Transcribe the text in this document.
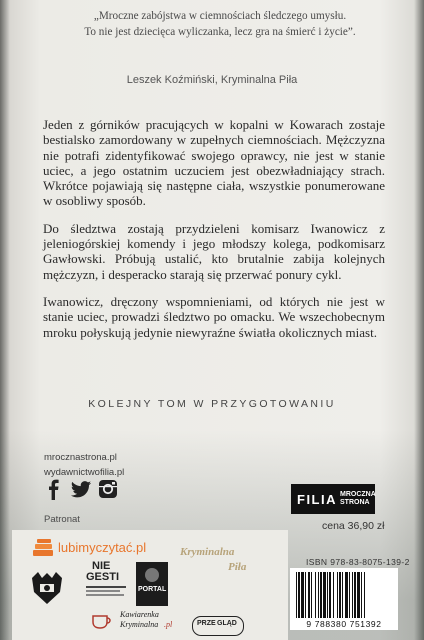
„Mroczne zabójstwa w ciemnościach śledczego umysłu.
To nie jest dziecięca wyliczanka, lecz gra na śmierć i życie”.
Leszek Koźmiński, Kryminalna Piła

Jeden z górników pracujących w kopalni w Kowarach zostaje bestialsko zamordowany w zupełnych ciemnościach. Mężczyzna nie potrafi zidentyfikować swojego oprawcy, nie jest w stanie uciec, a jego ostatnim uczuciem jest obezwładniający strach. Wkrótce pojawiają się następne ciała, wszystkie ponumerowane w osobliwy sposób.

Do śledztwa zostają przydzieleni komisarz Iwanowicz z jeleniogórskiej komendy i jego młodszy kolega, podkomisarz Gawłowski. Próbują ustalić, kto brutalnie zabija kolejnych mężczyzn, i desperacko starają się przerwać ponury cykl.

Iwanowicz, dręczony wspomnieniami, od których nie jest w stanie uciec, prowadzi śledztwo po omacku. We wszechobecnym mroku połyskują jedynie niewyraźne światła okolicznych miast.

KOLEJNY TOM W PRZYGOTOWANIU
mrocznastrona.pl
wydawnictwofilia.pl
Patronat
FILIA MROCZNA
STRONA
cena 36,90 zł
lubimyczytać.pl	Kryminalna
Piła
NIE
GESTI
PORTAL
Kawiarenka
Kryminalna .pl	PRZE GLĄD
ISBN 978-83-8075-139-2
9 788380 751392
